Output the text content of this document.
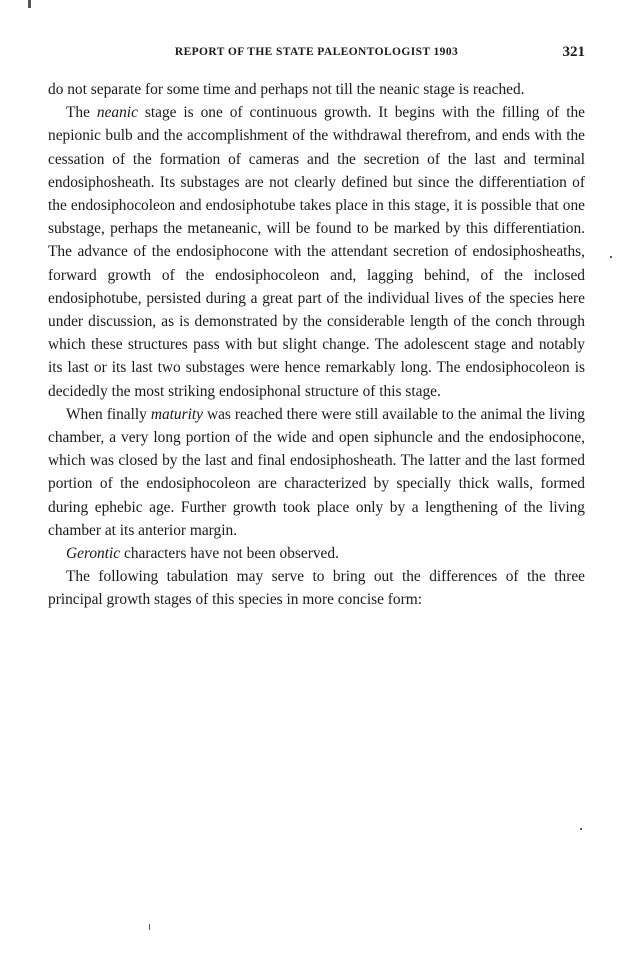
REPORT OF THE STATE PALEONTOLOGIST 1903	321

do not separate for some time and perhaps not till the neanic stage is reached.

The neanic stage is one of continuous growth. It begins with the filling of the nepionic bulb and the accomplishment of the withdrawal therefrom, and ends with the cessation of the formation of cameras and the secretion of the last and terminal endosiphosheath. Its substages are not clearly defined but since the differentiation of the endosiphocoleon and endosiphotube takes place in this stage, it is possible that one substage, perhaps the metaneanic, will be found to be marked by this differentiation. The advance of the endosiphocone with the attendant secretion of endosiphosheaths, forward growth of the endosiphocoleon and, lagging behind, of the inclosed endosiphotube, persisted during a great part of the individual lives of the species here under discussion, as is demonstrated by the considerable length of the conch through which these structures pass with but slight change. The adolescent stage and notably its last or its last two substages were hence remarkably long. The endosiphocoleon is decidedly the most striking endosiphonal structure of this stage.

When finally maturity was reached there were still available to the animal the living chamber, a very long portion of the wide and open siphuncle and the endosiphocone, which was closed by the last and final endosiphosheath. The latter and the last formed portion of the endosiphocoleon are characterized by specially thick walls, formed during ephebic age. Further growth took place only by a lengthening of the living chamber at its anterior margin.

Gerontic characters have not been observed.

The following tabulation may serve to bring out the differences of the three principal growth stages of this species in more concise form:
